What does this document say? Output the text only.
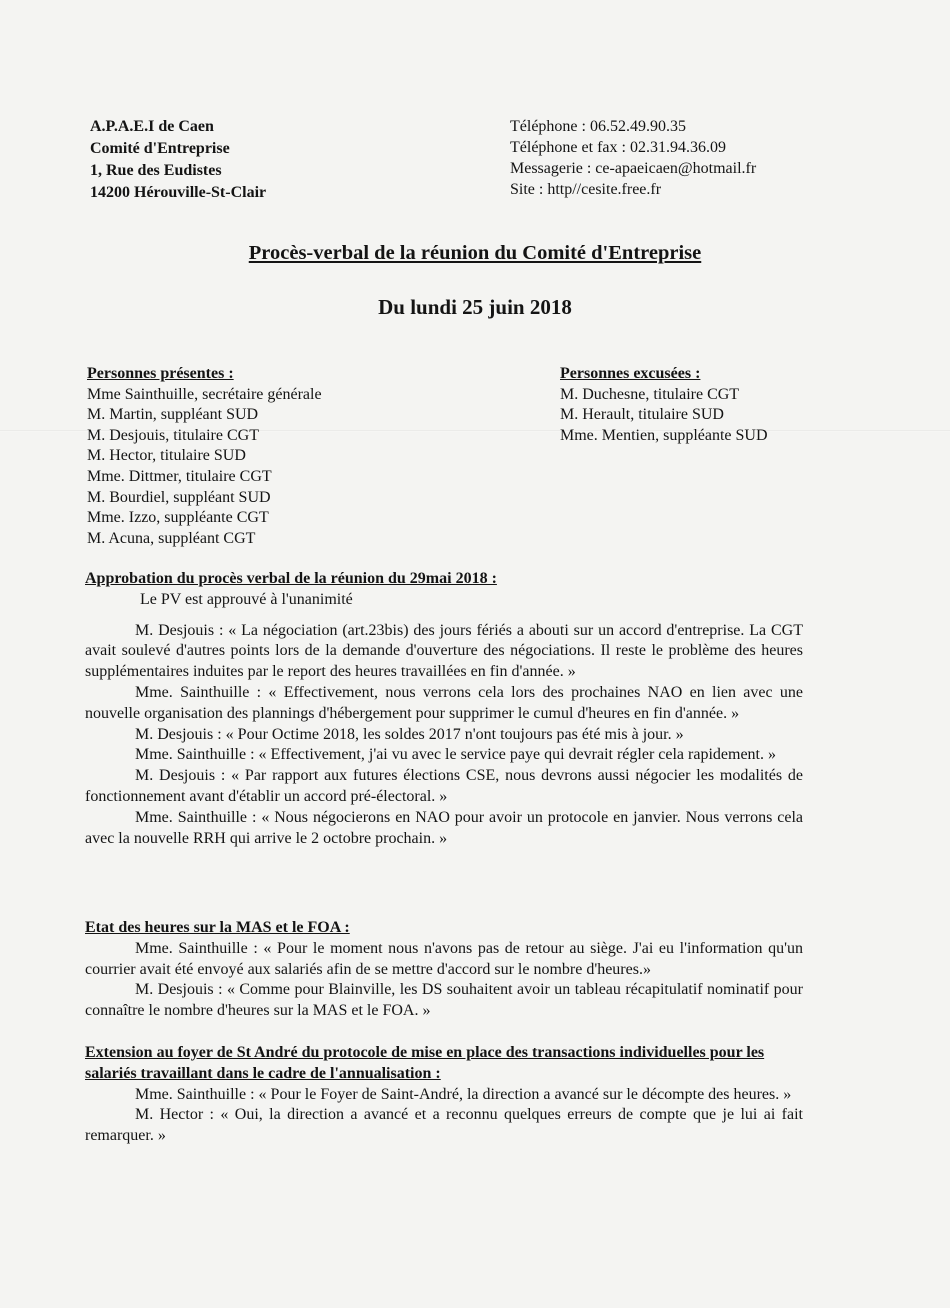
A.P.A.E.I de Caen
Comité d'Entreprise
1, Rue des Eudistes
14200 Hérouville-St-Clair
Téléphone : 06.52.49.90.35
Téléphone et fax : 02.31.94.36.09
Messagerie : ce-apaeicaen@hotmail.fr
Site : http//cesite.free.fr
Procès-verbal de la réunion du Comité d'Entreprise
Du lundi 25 juin 2018
Personnes présentes :
Mme Sainthuille, secrétaire générale
M. Martin, suppléant SUD
M. Desjouis, titulaire CGT
M. Hector, titulaire SUD
Mme. Dittmer, titulaire CGT
M. Bourdiel, suppléant SUD
Mme. Izzo, suppléante CGT
M. Acuna, suppléant CGT
Personnes excusées :
M. Duchesne, titulaire CGT
M. Herault, titulaire SUD
Mme. Mentien, suppléante SUD
Approbation du procès verbal de la réunion du 29mai 2018 :

Le PV est approuvé à l'unanimité

M. Desjouis : « La négociation (art.23bis) des jours fériés a abouti sur un accord d'entreprise. La CGT avait soulevé d'autres points lors de la demande d'ouverture des négociations. Il reste le problème des heures supplémentaires induites par le report des heures travaillées en fin d'année. »

Mme. Sainthuille : « Effectivement, nous verrons cela lors des prochaines NAO en lien avec une nouvelle organisation des plannings d'hébergement pour supprimer le cumul d'heures en fin d'année. »

M. Desjouis : « Pour Octime 2018, les soldes 2017 n'ont toujours pas été mis à jour. »

Mme. Sainthuille : « Effectivement, j'ai vu avec le service paye qui devrait régler cela rapidement. »

M. Desjouis : « Par rapport aux futures élections CSE, nous devrons aussi négocier les modalités de fonctionnement avant d'établir un accord pré-électoral. »

Mme. Sainthuille : « Nous négocierons en NAO pour avoir un protocole en janvier. Nous verrons cela avec la nouvelle RRH qui arrive le 2 octobre prochain. »

Etat des heures sur la MAS et le FOA :

Mme. Sainthuille : « Pour le moment nous n'avons pas de retour au siège. J'ai eu l'information qu'un courrier avait été envoyé aux salariés afin de se mettre d'accord sur le nombre d'heures.»

M. Desjouis : « Comme pour Blainville, les DS souhaitent avoir un tableau récapitulatif nominatif pour connaître le nombre d'heures sur la MAS et le FOA. »

Extension au foyer de St André du protocole de mise en place des transactions individuelles pour les salariés travaillant dans le cadre de l'annualisation :

Mme. Sainthuille : « Pour le Foyer de Saint-André, la direction a avancé sur le décompte des heures. »

M. Hector : « Oui, la direction a avancé et a reconnu quelques erreurs de compte que je lui ai fait remarquer. »
